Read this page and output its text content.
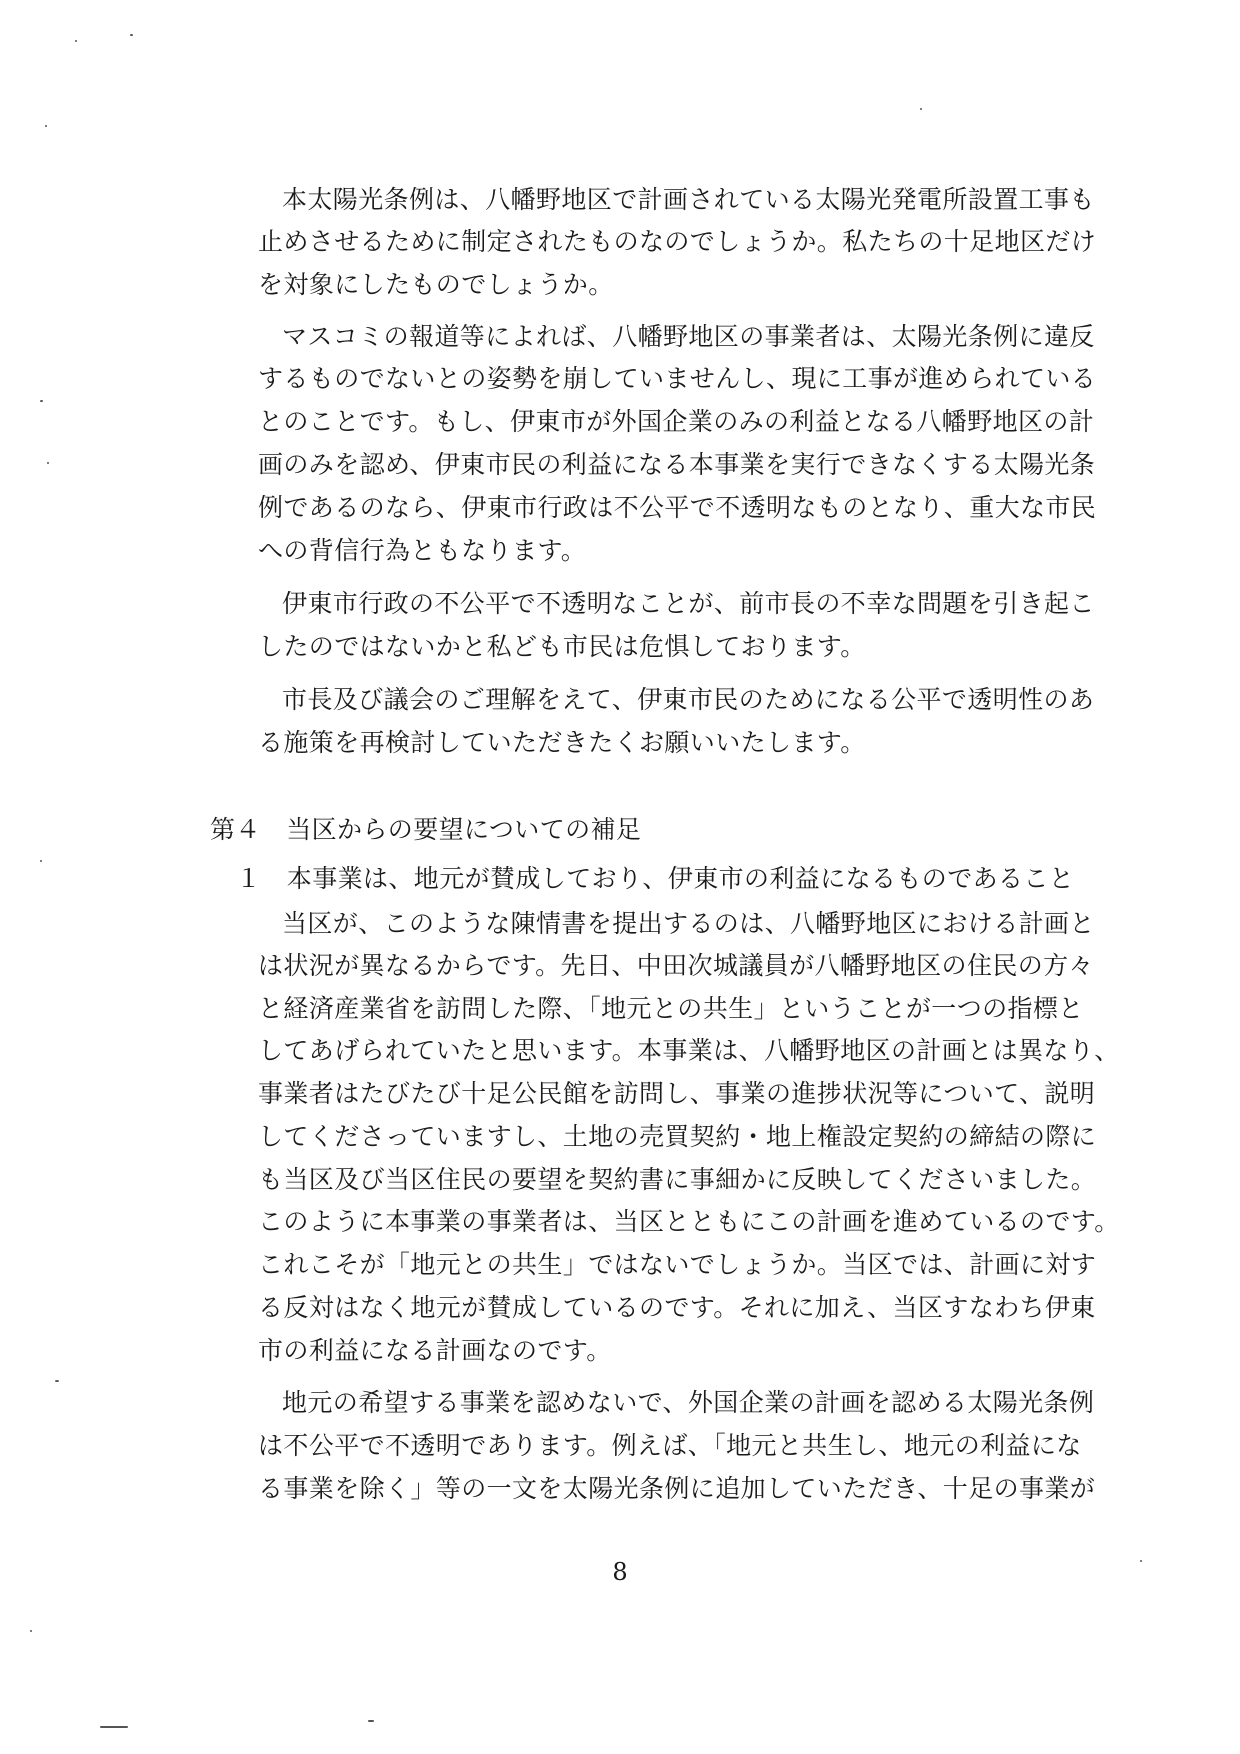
本太陽光条例は、八幡野地区で計画されている太陽光発電所設置工事も
止めさせるために制定されたものなのでしょうか。私たちの十足地区だけ
を対象にしたものでしょうか。
マスコミの報道等によれば、八幡野地区の事業者は、太陽光条例に違反
するものでないとの姿勢を崩していませんし、現に工事が進められている
とのことです。もし、伊東市が外国企業のみの利益となる八幡野地区の計
画のみを認め、伊東市民の利益になる本事業を実行できなくする太陽光条
例であるのなら、伊東市行政は不公平で不透明なものとなり、重大な市民
への背信行為ともなります。
伊東市行政の不公平で不透明なことが、前市長の不幸な問題を引き起こ
したのではないかと私ども市民は危惧しております。
市長及び議会のご理解をえて、伊東市民のためになる公平で透明性のあ
る施策を再検討していただきたくお願いいたします。
第４　当区からの要望についての補足
１　本事業は、地元が賛成しており、伊東市の利益になるものであること
当区が、このような陳情書を提出するのは、八幡野地区における計画と
は状況が異なるからです。先日、中田次城議員が八幡野地区の住民の方々
と経済産業省を訪問した際、「地元との共生」ということが一つの指標と
してあげられていたと思います。本事業は、八幡野地区の計画とは異なり、
事業者はたびたび十足公民館を訪問し、事業の進捗状況等について、説明
してくださっていますし、土地の売買契約・地上権設定契約の締結の際に
も当区及び当区住民の要望を契約書に事細かに反映してくださいました。
このように本事業の事業者は、当区とともにこの計画を進めているのです。
これこそが「地元との共生」ではないでしょうか。当区では、計画に対す
る反対はなく地元が賛成しているのです。それに加え、当区すなわち伊東
市の利益になる計画なのです。
地元の希望する事業を認めないで、外国企業の計画を認める太陽光条例
は不公平で不透明であります。例えば、「地元と共生し、地元の利益にな
る事業を除く」等の一文を太陽光条例に追加していただき、十足の事業が
8
